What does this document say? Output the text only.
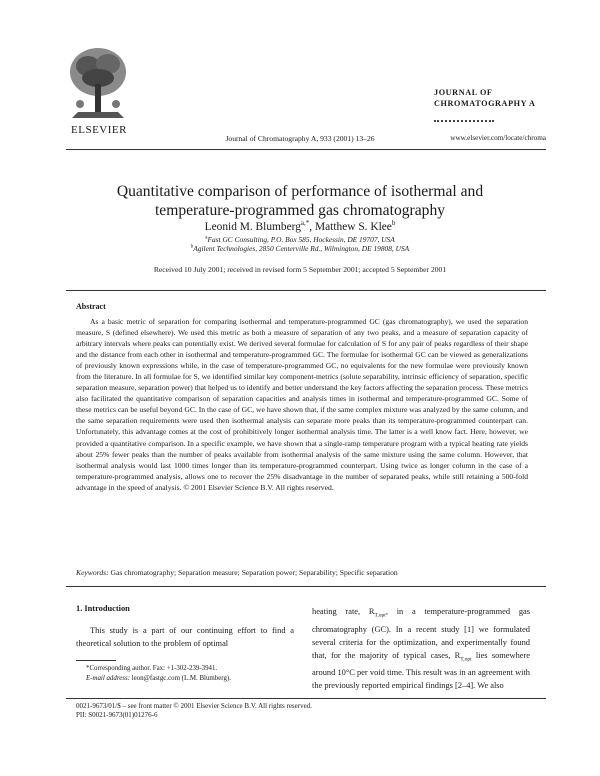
ELSEVIER
Journal of Chromatography A, 933 (2001) 13–26
JOURNAL OF
CHROMATOGRAPHY A
www.elsevier.com/locate/chroma
Quantitative comparison of performance of isothermal and
temperature-programmed gas chromatography
Leonid M. Blumberg$^{a,*}$, Matthew S. Klee$^b$
$^a$Fast GC Consulting, P.O. Box 585, Hockessin, DE 19707, USA
$^b$Agilent Technologies, 2850 Centerville Rd., Wilmington, DE 19808, USA
Received 10 July 2001; received in revised form 5 September 2001; accepted 5 September 2001
Abstract
As a basic metric of separation for comparing isothermal and temperature-programmed GC (gas chromatography), we used the separation measure, S (defined elsewhere). We used this metric as both a measure of separation of any two peaks, and a measure of separation capacity of arbitrary intervals where peaks can potentially exist. We derived several formulae for calculation of S for any pair of peaks regardless of their shape and the distance from each other in isothermal and temperature-programmed GC. The formulae for isothermal GC can be viewed as generalizations of previously known expressions while, in the case of temperature-programmed GC, no equivalents for the new formulae were previously known from the literature. In all formulae for S, we identified similar key component-metrics (solute separability, intrinsic efficiency of separation, specific separation measure, separation power) that helped us to identify and better understand the key factors affecting the separation process. These metrics also facilitated the quantitative comparison of separation capacities and analysis times in isothermal and temperature-programmed GC. Some of these metrics can be useful beyond GC. In the case of GC, we have shown that, if the same complex mixture was analyzed by the same column, and the same separation requirements were used then isothermal analysis can separate more peaks than its temperature-programmed counterpart can. Unfortunately, this advantage comes at the cost of prohibitively longer isothermal analysis time. The latter is a well know fact. Here, however, we provided a quantitative comparison. In a specific example, we have shown that a single-ramp temperature program with a typical heating rate yields about 25% fewer peaks than the number of peaks available from isothermal analysis of the same mixture using the same column. However, that isothermal analysis would last 1000 times longer than its temperature-programmed counterpart. Using twice as longer column in the case of a temperature-programmed analysis, allows one to recover the 25% disadvantage in the number of separated peaks, while still retaining a 500-fold advantage in the speed of analysis. © 2001 Elsevier Science B.V. All rights reserved.
Keywords: Gas chromatography; Separation measure; Separation power; Separability; Specific separation
1. Introduction
This study is a part of our continuing effort to find a theoretical solution to the problem of optimal
*Corresponding author. Fax: +1-302-239-3941.
E-mail address: leon@fastgc.com (L.M. Blumberg).
heating rate, $R_{T,opt}$, in a temperature-programmed gas chromatography (GC). In a recent study [1] we formulated several criteria for the optimization, and experimentally found that, for the majority of typical cases, $R_{T,opt}$ lies somewhere around 10°C per void time. This result was in an agreement with the previously reported empirical findings [2–4]. We also
0021-9673/01/$ – see front matter © 2001 Elsevier Science B.V. All rights reserved.
PII: S0021-9673(01)01276-6
